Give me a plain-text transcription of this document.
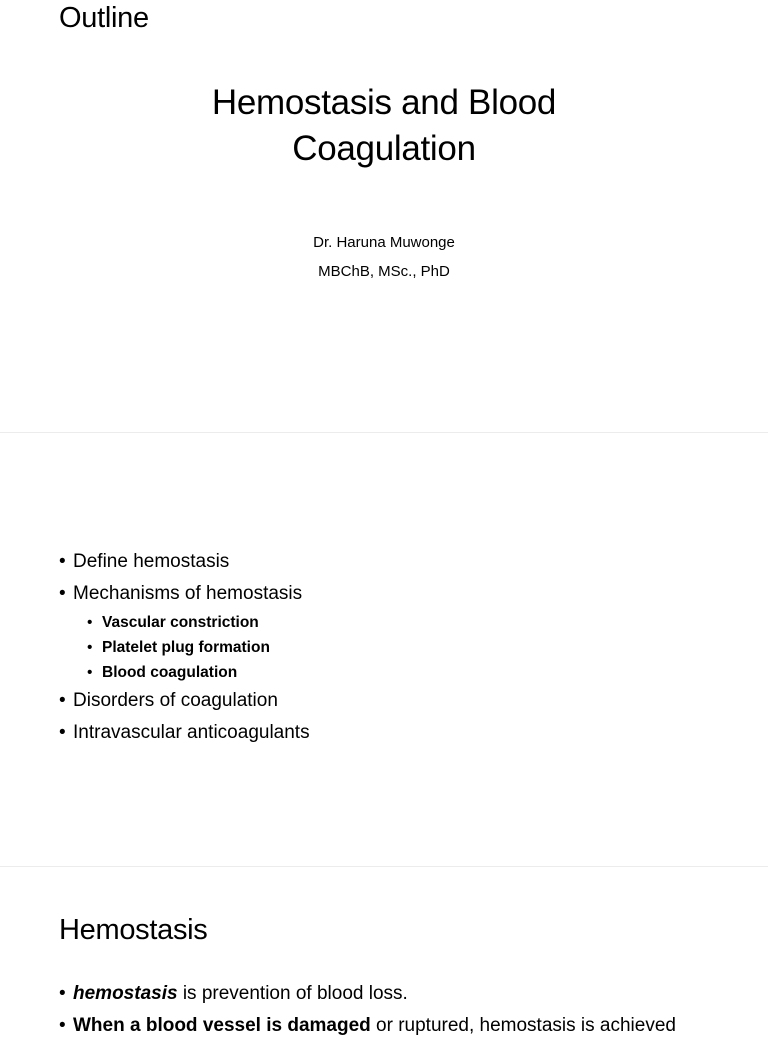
Hemostasis and Blood
Coagulation
Dr. Haruna Muwonge
MBChB, MSc., PhD
Outline
• Define hemostasis
• Mechanisms of hemostasis
• Vascular constriction
• Platelet plug formation
• Blood coagulation
• Disorders of coagulation
• Intravascular anticoagulants
Hemostasis
• hemostasis is prevention of blood loss.
• When a blood vessel is damaged or ruptured, hemostasis is achieved
